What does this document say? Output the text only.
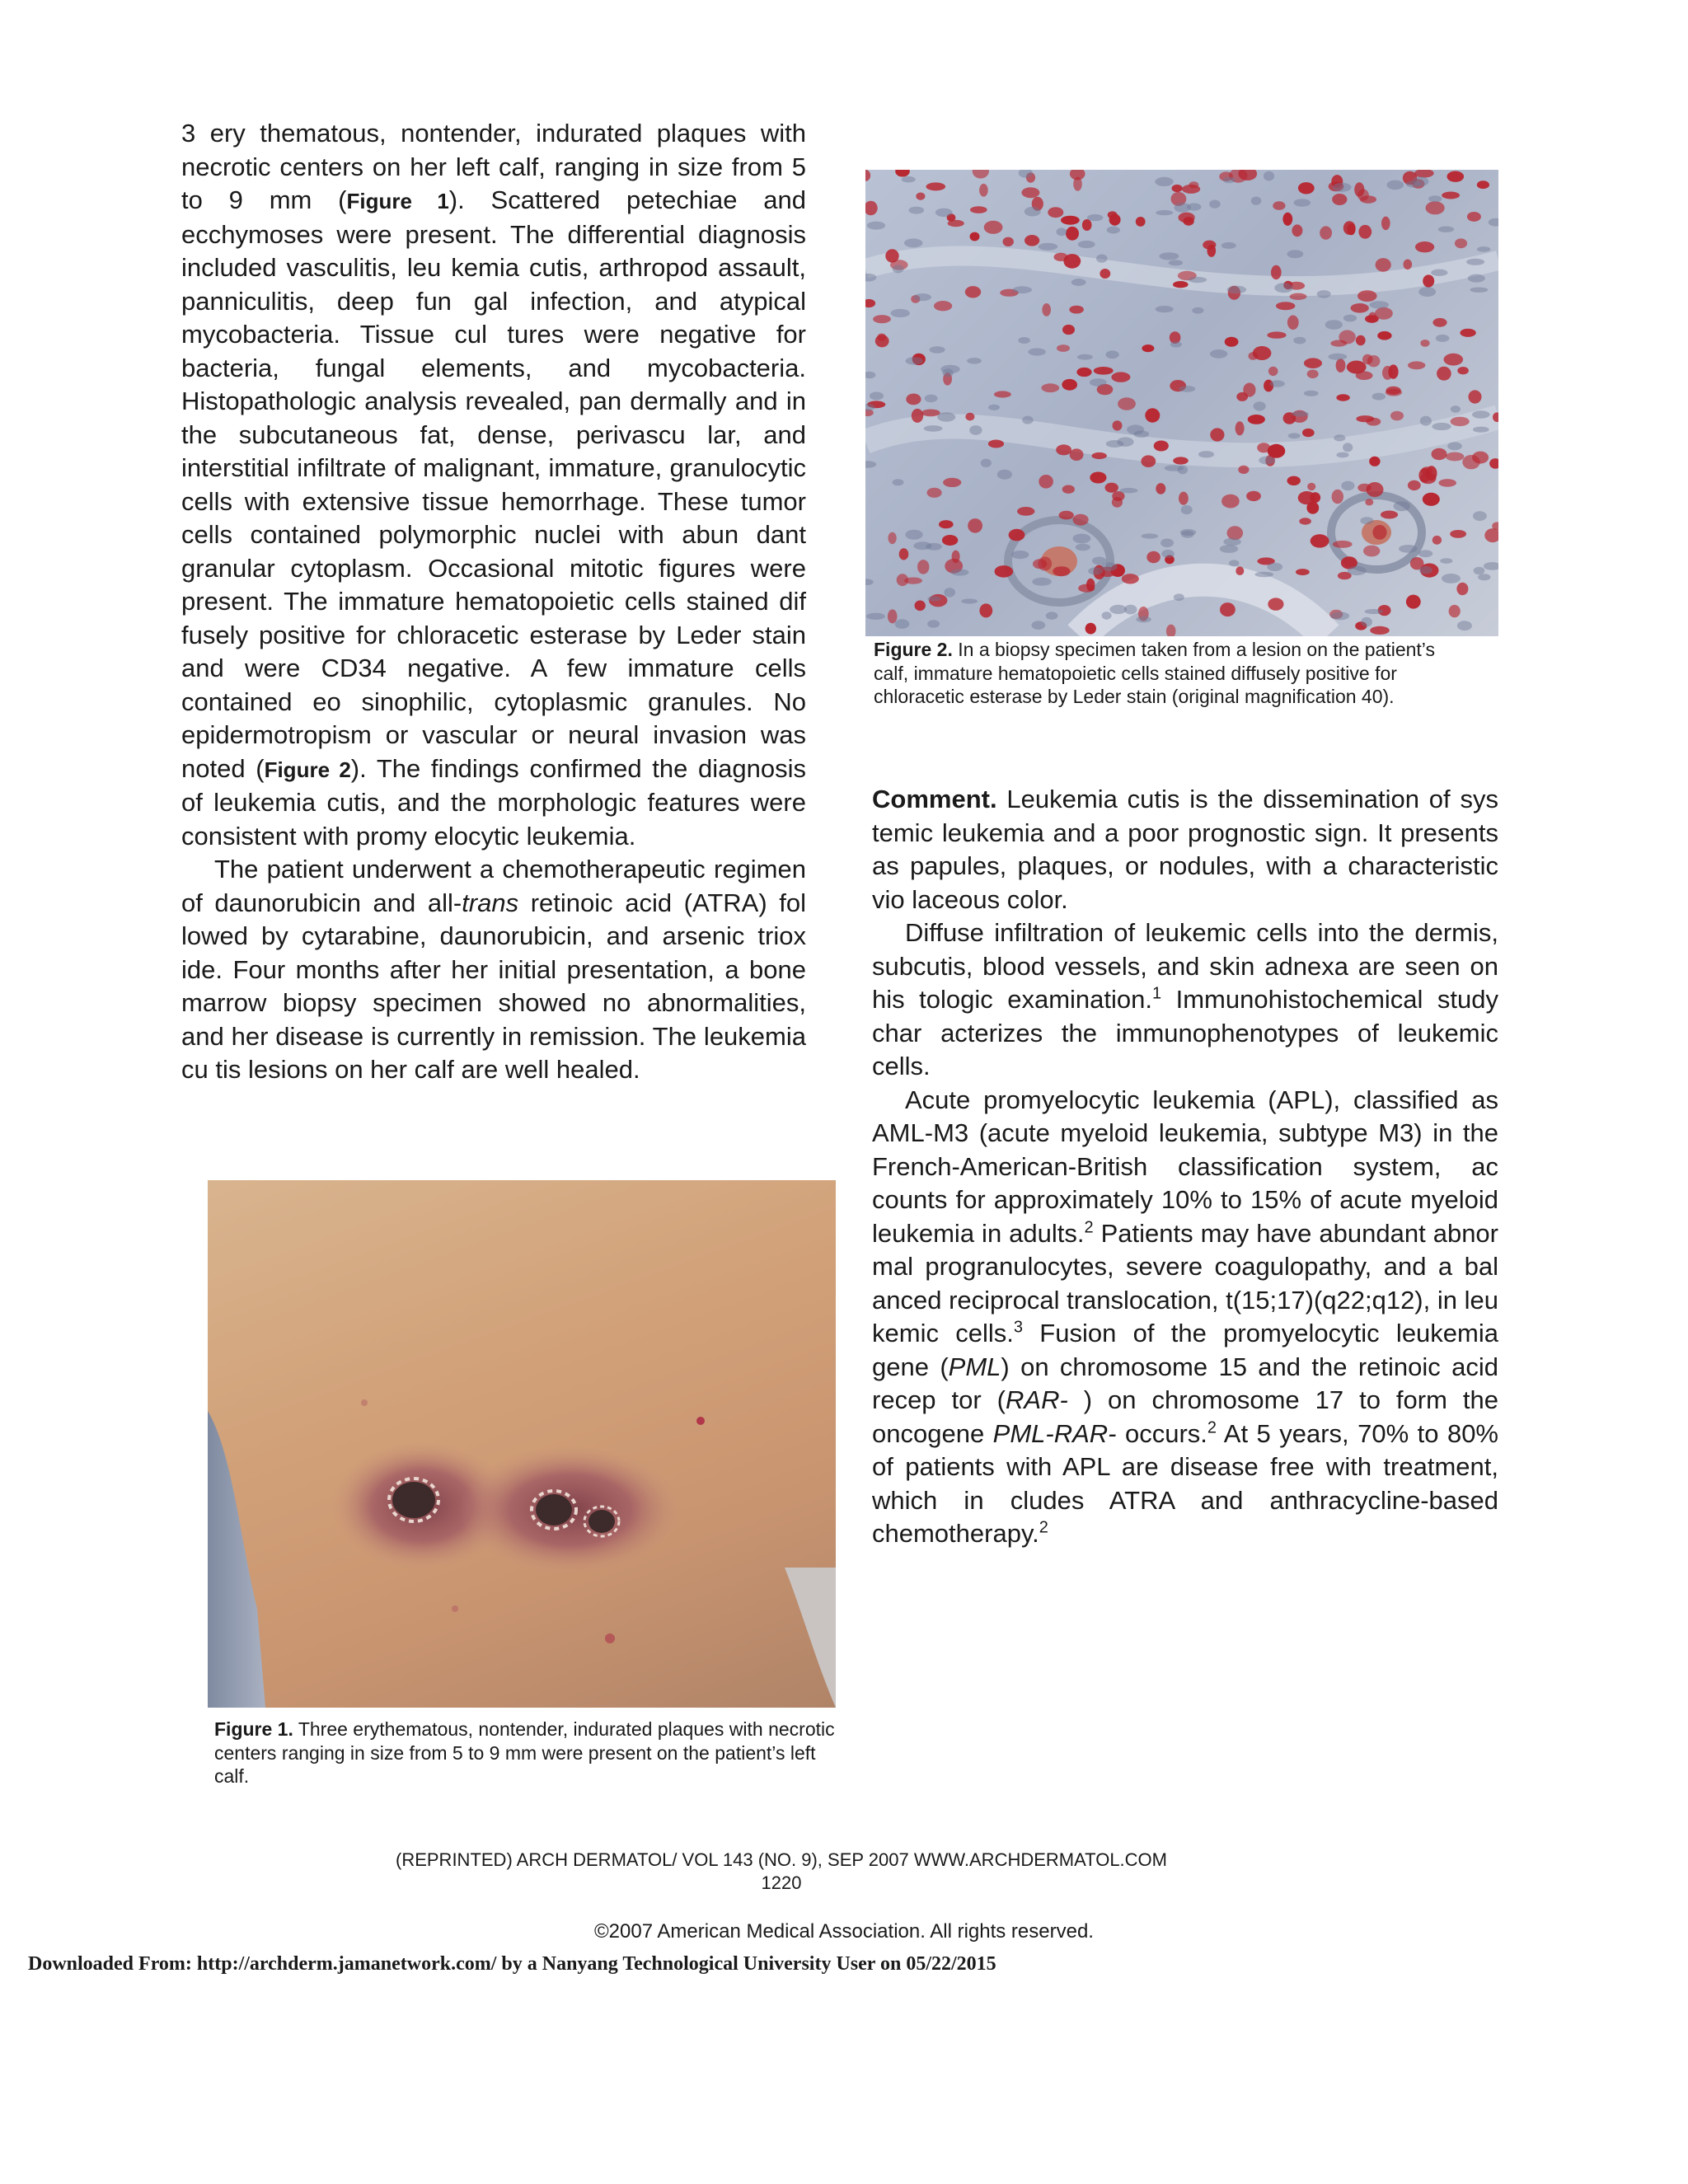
3 ery thematous, nontender, indurated plaques with necrotic centers on her left calf, ranging in size from 5 to 9 mm (Figure 1). Scattered petechiae and ecchymoses were present. The differential diagnosis included vasculitis, leu kemia cutis, arthropod assault, panniculitis, deep fun gal infection, and atypical mycobacteria. Tissue cul tures were negative for bacteria, fungal elements, and mycobacteria. Histopathologic analysis revealed, pan dermally and in the subcutaneous fat, dense, perivascu lar, and interstitial infiltrate of malignant, immature, granulocytic cells with extensive tissue hemorrhage. These tumor cells contained polymorphic nuclei with abun dant granular cytoplasm. Occasional mitotic figures were present. The immature hematopoietic cells stained dif fusely positive for chloracetic esterase by Leder stain and were CD34 negative. A few immature cells contained eo sinophilic, cytoplasmic granules. No epidermotropism or vascular or neural invasion was noted (Figure 2). The findings confirmed the diagnosis of leukemia cutis, and the morphologic features were consistent with promy elocytic leukemia.

The patient underwent a chemotherapeutic regimen of daunorubicin and all-trans retinoic acid (ATRA) fol lowed by cytarabine, daunorubicin, and arsenic triox ide. Four months after her initial presentation, a bone marrow biopsy specimen showed no abnormalities, and her disease is currently in remission. The leukemia cu tis lesions on her calf are well healed.

Figure 2. In a biopsy specimen taken from a lesion on the patient’s calf, immature hematopoietic cells stained diffusely positive for chloracetic esterase by Leder stain (original magnification 40).

Comment. Leukemia cutis is the dissemination of sys temic leukemia and a poor prognostic sign. It presents as papules, plaques, or nodules, with a characteristic vio laceous color.

Diffuse infiltration of leukemic cells into the dermis, subcutis, blood vessels, and skin adnexa are seen on his tologic examination.$^1$ Immunohistochemical study char acterizes the immunophenotypes of leukemic cells.

Acute promyelocytic leukemia (APL), classified as AML-M3 (acute myeloid leukemia, subtype M3) in the French-American-British classification system, ac counts for approximately 10% to 15% of acute myeloid leukemia in adults.$^2$ Patients may have abundant abnor mal progranulocytes, severe coagulopathy, and a bal anced reciprocal translocation, t(15;17)(q22;q12), in leu kemic cells.$^3$ Fusion of the promyelocytic leukemia gene (PML) on chromosome 15 and the retinoic acid recep tor (RAR- ) on chromosome 17 to form the oncogene PML-RAR- occurs.$^2$ At 5 years, 70% to 80% of patients with APL are disease free with treatment, which in cludes ATRA and anthracycline-based chemotherapy.$^2$

Figure 1. Three erythematous, nontender, indurated plaques with necrotic centers ranging in size from 5 to 9 mm were present on the patient’s left calf.
(REPRINTED) ARCH DERMATOL/ VOL 143 (NO. 9), SEP 2007 WWW.ARCHDERMATOL.COM
1220
©2007 American Medical Association. All rights reserved.
Downloaded From: http://archderm.jamanetwork.com/ by a Nanyang Technological University User on 05/22/2015
